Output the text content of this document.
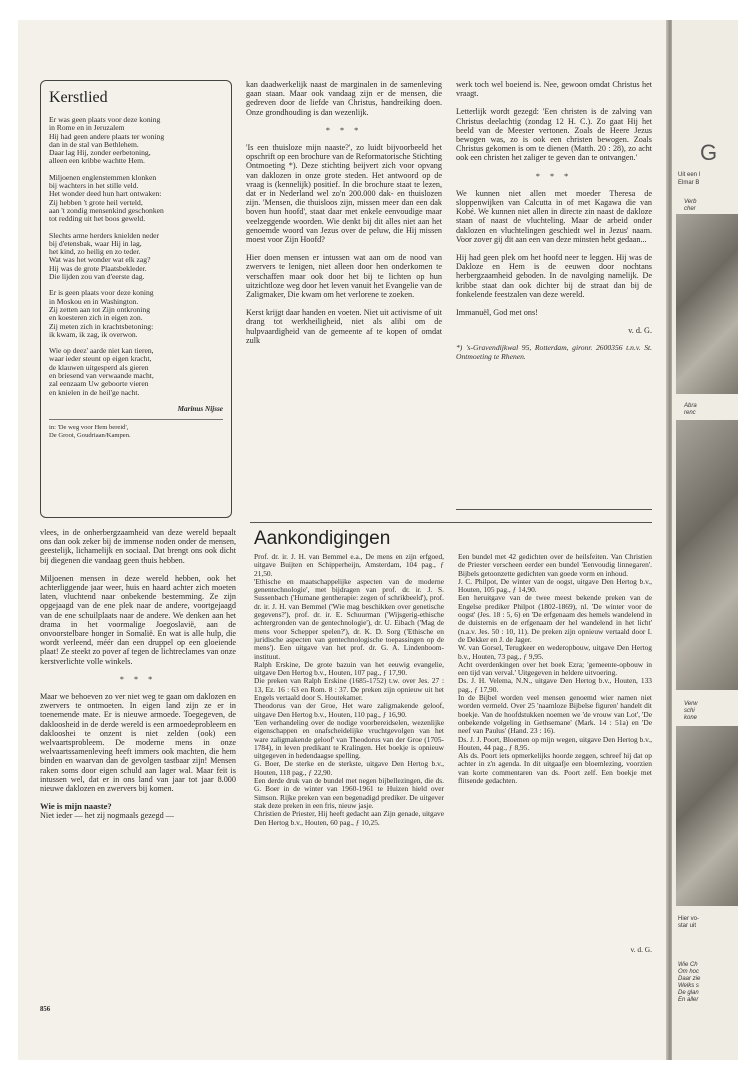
Kerstlied
Er was geen plaats voor deze koning
in Rome en in Jeruzalem
Hij had geen andere plaats ter woning
dan in de stal van Bethlehem.
Daar lag Hij, zonder eerbetoning,
alleen een kribbe wachtte Hem.
Miljoenen englenstemmen klonken
bij wachters in het stille veld.
Het wonder deed hun hart ontwaken:
Zij hebben 't grote heil verteld,
aan 't zondig mensenkind geschonken
tot redding uit het boos geweld.
Slechts arme herders knielden neder
bij d'etensbak, waar Hij in lag,
het kind, zo heilig en zo teder.
Wat was het wonder wat elk zag?
Hij was de grote Plaatsbekleder.
Die lijden zou van d'eerste dag.
Er is geen plaats voor deze koning
in Moskou en in Washington.
Zij zetten aan tot Zijn ontkroning
en koesteren zich in eigen zon.
Zij meten zich in krachtsbetoning:
ik kwam, ik zag, ik overwon.
Wie op deez' aarde niet kan tieren,
waar ieder steunt op eigen kracht,
de klauwen uitgesperd als gieren
en briesend van verwaande macht,
zal eenzaam Uw geboorte vieren
en knielen in de heil'ge nacht.
Marinus Nijsse
in: 'De weg voor Hem bereid',
De Groot, Goudriaan/Kampen.

kan daadwerkelijk naast de marginalen in de samenleving gaan staan. Maar ook vandaag zijn er de mensen, die gedreven door de liefde van Christus, handreiking doen. Onze grondhouding is dan wezenlijk.

* * *

'Is een thuisloze mijn naaste?', zo luidt bijvoorbeeld het opschrift op een brochure van de Reformatorische Stichting Ontmoeting *). Deze stichting beijvert zich voor opvang van daklozen in onze grote steden. Het antwoord op de vraag is (kennelijk) positief. In die brochure staat te lezen, dat er in Nederland wel zo'n 200.000 dak- en thuislozen zijn. 'Mensen, die thuisloos zijn, missen meer dan een dak boven hun hoofd', staat daar met enkele eenvoudige maar veelzeggende woorden. Wie denkt bij dit alles niet aan het genoemde woord van Jezus over de peluw, die Hij missen moest voor Zijn Hoofd?

Hier doen mensen er intussen wat aan om de nood van zwervers te lenigen, niet alleen door hen onderkomen te verschaffen maar ook door het bij te lichten op hun uitzichtloze weg door het leven vanuit het Evangelie van de Zaligmaker, Die kwam om het verlorene te zoeken.

Kerst krijgt daar handen en voeten. Niet uit activisme of uit drang tot werkheiligheid, niet als alibi om de hulpvaardigheid van de gemeente af te kopen of omdat zulk

werk toch wel boeiend is. Nee, gewoon omdat Christus het vraagt.

Letterlijk wordt gezegd: 'Een christen is de zalving van Christus deelachtig (zondag 12 H. C.). Zo gaat Hij het beeld van de Meester vertonen. Zoals de Heere Jezus bewogen was, zo is ook een christen bewogen. Zoals Christus gekomen is om te dienen (Matth. 20 : 28), zo acht ook een christen het zaliger te geven dan te ontvangen.'

* * *

We kunnen niet allen met moeder Theresa de sloppenwijken van Calcutta in of met Kagawa die van Kobé. We kunnen niet allen in directe zin naast de dakloze staan of naast de vluchteling. Maar de arbeid onder daklozen en vluchtelingen geschiedt wel in Jezus' naam. Voor zover gij dit aan een van deze minsten hebt gedaan...

Hij had geen plek om het hoofd neer te leggen. Hij was de Dakloze en Hem is de eeuwen door nochtans herbergzaamheid geboden. In de navolging namelijk. De kribbe staat dan ook dichter bij de straat dan bij de fonkelende feestzalen van deze wereld.

Immanuël, God met ons!

v. d. G.

*) 's-Gravendijkwal 95, Rotterdam, gironr. 2600356 t.n.v. St. Ontmoeting te Rhenen.

vlees, in de onherbergzaamheid van deze wereld bepaalt ons dan ook zeker bij de immense noden onder de mensen, geestelijk, lichamelijk en sociaal. Dat brengt ons ook dicht bij diegenen die vandaag geen thuis hebben.

Miljoenen mensen in deze wereld hebben, ook het achterliggende jaar weer, huis en haard achter zich moeten laten, vluchtend naar onbekende bestemming. Ze zijn opgejaagd van de ene plek naar de andere, voortgejaagd van de ene schuilplaats naar de andere. We denken aan het drama in het voormalige Joegoslavië, aan de onvoorstelbare honger in Somalië. En wat is alle hulp, die wordt verleend, méér dan een druppel op een gloeiende plaat! Ze steekt zo pover af tegen de lichtreclames van onze kerstverlichte volle winkels.

* * *

Maar we behoeven zo ver niet weg te gaan om daklozen en zwervers te ontmoeten. In eigen land zijn ze er in toenemende mate. Er is nieuwe armoede. Toegegeven, de dakloosheid in de derde wereld is een armoedeprobleem en daklooshei te onzent is niet zelden (ook) een welvaartsprobleem. De moderne mens in onze welvaartssamenleving heeft immers ook machten, die hem binden en waarvan dan de gevolgen tastbaar zijn! Mensen raken soms door eigen schuld aan lager wal. Maar feit is intussen wel, dat er in ons land van jaar tot jaar 8.000 nieuwe daklozen en zwervers bij komen.

Wie is mijn naaste?

Niet ieder — het zij nogmaals gezegd —

856
Aankondigingen

Prof. dr. ir. J. H. van Bemmel e.a., De mens en zijn erfgoed, uitgave Buijten en Schipperheijn, Amsterdam, 104 pag., ƒ 21,50.

'Ethische en maatschappelijke aspecten van de moderne genentechnologie', met bijdragen van prof. dr. ir. J. S. Sussenbach ('Humane gentherapie: zegen of schrikbeeld'), prof. dr. ir. J. H. van Bemmel ('Wie mag beschikken over genetische gegevens?'), prof. dr. ir. E. Schuurman ('Wijsgerig-ethische achtergronden van de gentechnologie'), dr. U. Eibach ('Mag de mens voor Schepper spelen?'), dr. K. D. Sorg ('Ethische en juridische aspecten van gentechnologische toepassingen op de mens'). Een uitgave van het prof. dr. G. A. Lindenboom-instituut.

Ralph Erskine, De grote bazuin van het eeuwig evangelie, uitgave Den Hertog b.v., Houten, 107 pag., ƒ 17,90.

Die preken van Ralph Erskine (1685-1752) t.w. over Jes. 27 : 13, Ez. 16 : 63 en Rom. 8 : 37. De preken zijn opnieuw uit het Engels vertaald door S. Houtekamer.

Theodorus van der Groe, Het ware zaligmakende geloof, uitgave Den Hertog b.v., Houten, 110 pag., ƒ 16,90.

'Een verhandeling over de nodige voorbereidselen, wezenlijke eigenschappen en onafscheidelijke vruchtgevolgen van het ware zaligmakende geloof' van Theodorus van der Groe (1705-1784), in leven predikant te Kralingen. Het boekje is opnieuw uitgegeven in hedendaagse spelling.

G. Boer, De sterke en de sterkste, uitgave Den Hertog b.v., Houten, 118 pag., ƒ 22,90.

Een derde druk van de bundel met negen bijbellezingen, die ds. G. Boer in de winter van 1960-1961 te Huizen hield over Simson. Rijke preken van een begenadigd prediker. De uitgever stak deze preken in een fris, nieuw jasje.

Christien de Priester, Hij heeft gedacht aan Zijn genade, uitgave Den Hertog b.v., Houten, 60 pag., ƒ 10,25.

Een bundel met 42 gedichten over de heilsfeiten. Van Christien de Priester verscheen eerder een bundel 'Eenvoudig linnegaren'. Bijbels getoonzette gedichten van goede vorm en inhoud.

J. C. Philpot, De winter van de oogst, uitgave Den Hertog b.v., Houten, 105 pag., ƒ 14,90.

Een heruitgave van de twee meest bekende preken van de Engelse prediker Philpot (1802-1869), nl. 'De winter voor de oogst' (Jes. 18 : 5, 6) en 'De erfgenaam des hemels wandelend in de duisternis en de erfgenaam der hel wandelend in het licht' (n.a.v. Jes. 50 : 10, 11). De preken zijn opnieuw vertaald door I. de Dekker en J. de Jager.

W. van Gorsel, Terugkeer en wederopbouw, uitgave Den Hertog b.v., Houten, 73 pag., ƒ 9,95.

Acht overdenkingen over het boek Ezra; 'gemeente-opbouw in een tijd van verval.' Uitgegeven in heldere uitvoering.

Ds. J. H. Velema, N.N., uitgave Den Hertog b.v., Houten, 133 pag., ƒ 17,90.

In de Bijbel worden veel mensen genoemd wier namen niet worden vermeld. Over 25 'naamloze Bijbelse figuren' handelt dit boekje. Van de hoofdstukken noemen we 'de vrouw van Lot', 'De onbekende volgeling in Gethsemane' (Mark. 14 : 51a) en 'De neef van Paulus' (Hand. 23 : 16).

Ds. J. J. Poort, Bloemen op mijn wegen, uitgave Den Hertog b.v., Houten, 44 pag., ƒ 8,95.

Als ds. Poort iets opmerkelijks hoorde zeggen, schreef hij dat op achter in z'n agenda. In dit uitgaafje een bloemlezing, voorzien van korte commentaren van ds. Poort zelf. Een boekje met flitsende gedachten.

v. d. G.
G
Uit een l
Elmar B
Verb
cher
Abra
renc
Verw
schi
kone
Hier vo-
star uit
Wie Ch
Om hoc
Daar zie
Welks s
De glan
En aller
